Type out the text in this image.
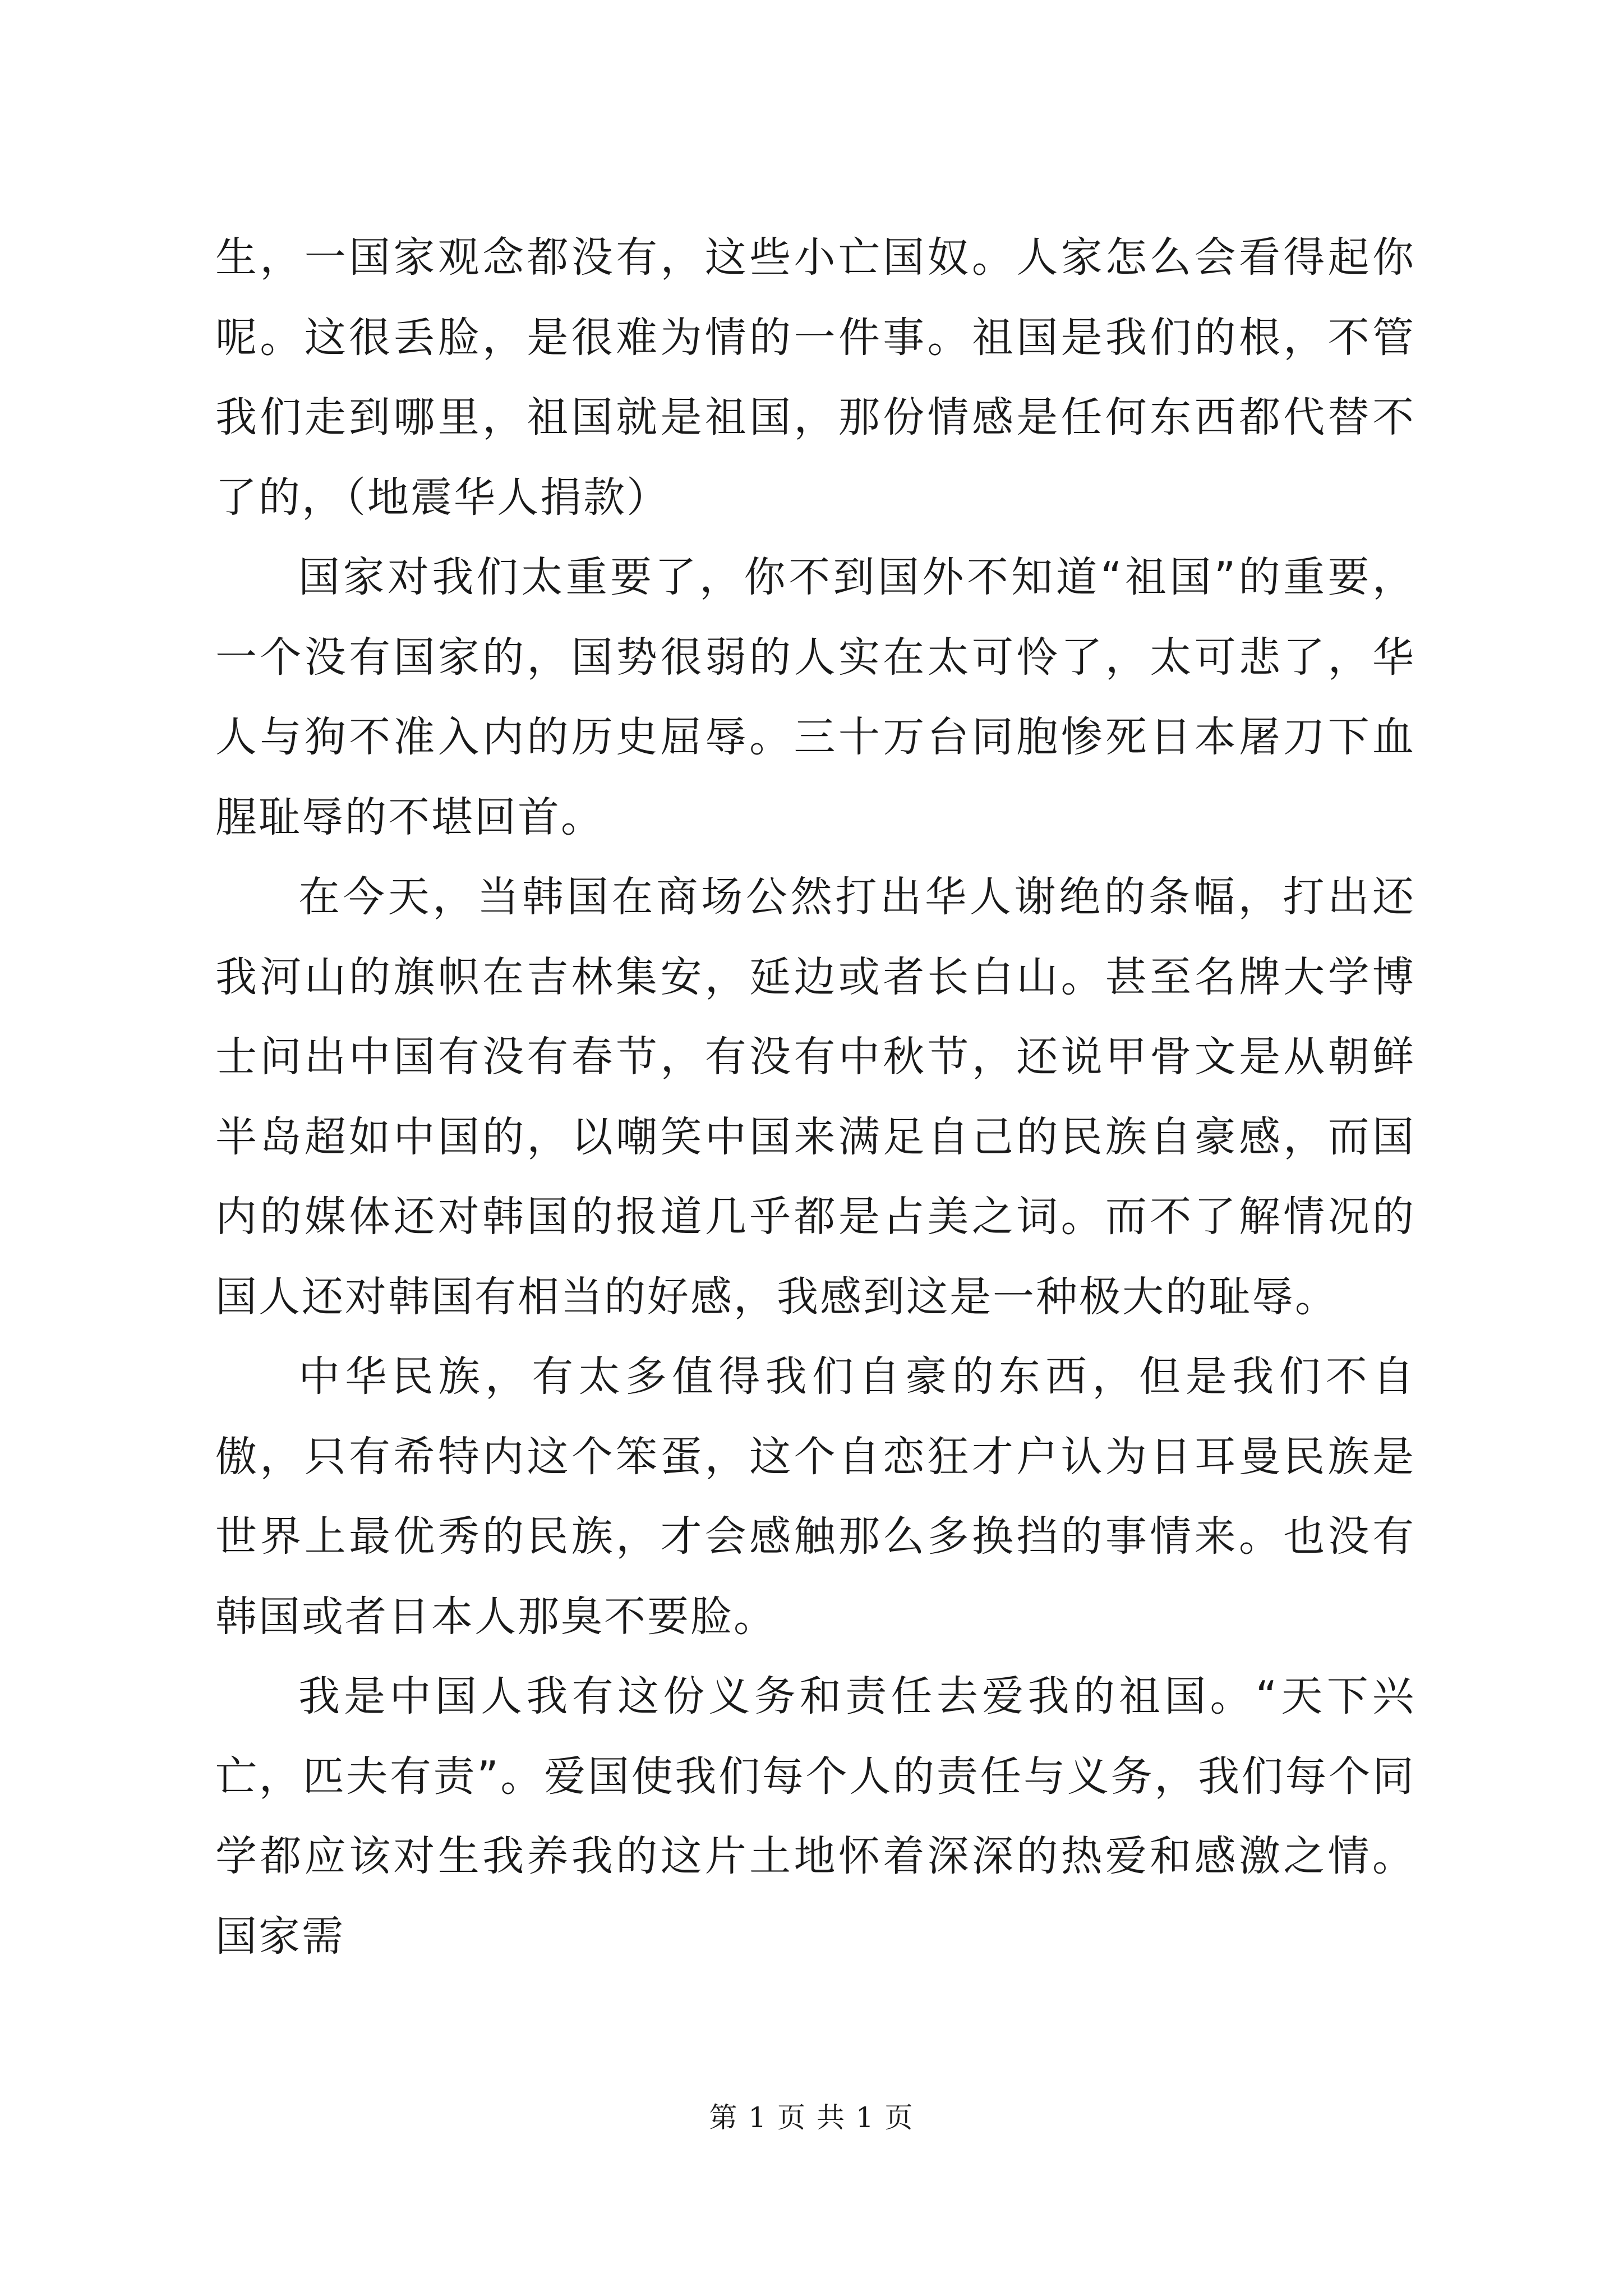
生，一国家观念都没有，这些小亡国奴。人家怎么会看得起你呢。这很丢脸，是很难为情的一件事。祖国是我们的根，不管我们走到哪里，祖国就是祖国，那份情感是任何东西都代替不了的，（地震华人捐款）

国家对我们太重要了，你不到国外不知道“祖国”的重要，一个没有国家的，国势很弱的人实在太可怜了，太可悲了，华人与狗不准入内的历史屈辱。三十万台同胞惨死日本屠刀下血腥耻辱的不堪回首。

在今天，当韩国在商场公然打出华人谢绝的条幅，打出还我河山的旗帜在吉林集安，延边或者长白山。甚至名牌大学博士问出中国有没有春节，有没有中秋节，还说甲骨文是从朝鲜半岛超如中国的，以嘲笑中国来满足自己的民族自豪感，而国内的媒体还对韩国的报道几乎都是占美之词。而不了解情况的国人还对韩国有相当的好感，我感到这是一种极大的耻辱。

中华民族，有太多值得我们自豪的东西，但是我们不自傲，只有希特内这个笨蛋，这个自恋狂才户认为日耳曼民族是世界上最优秀的民族，才会感触那么多换挡的事情来。也没有韩国或者日本人那臭不要脸。

我是中国人我有这份义务和责任去爱我的祖国。“天下兴亡，匹夫有责”。爱国使我们每个人的责任与义务，我们每个同学都应该对生我养我的这片土地怀着深深的热爱和感激之情。国家需

第 1 页 共 1 页
